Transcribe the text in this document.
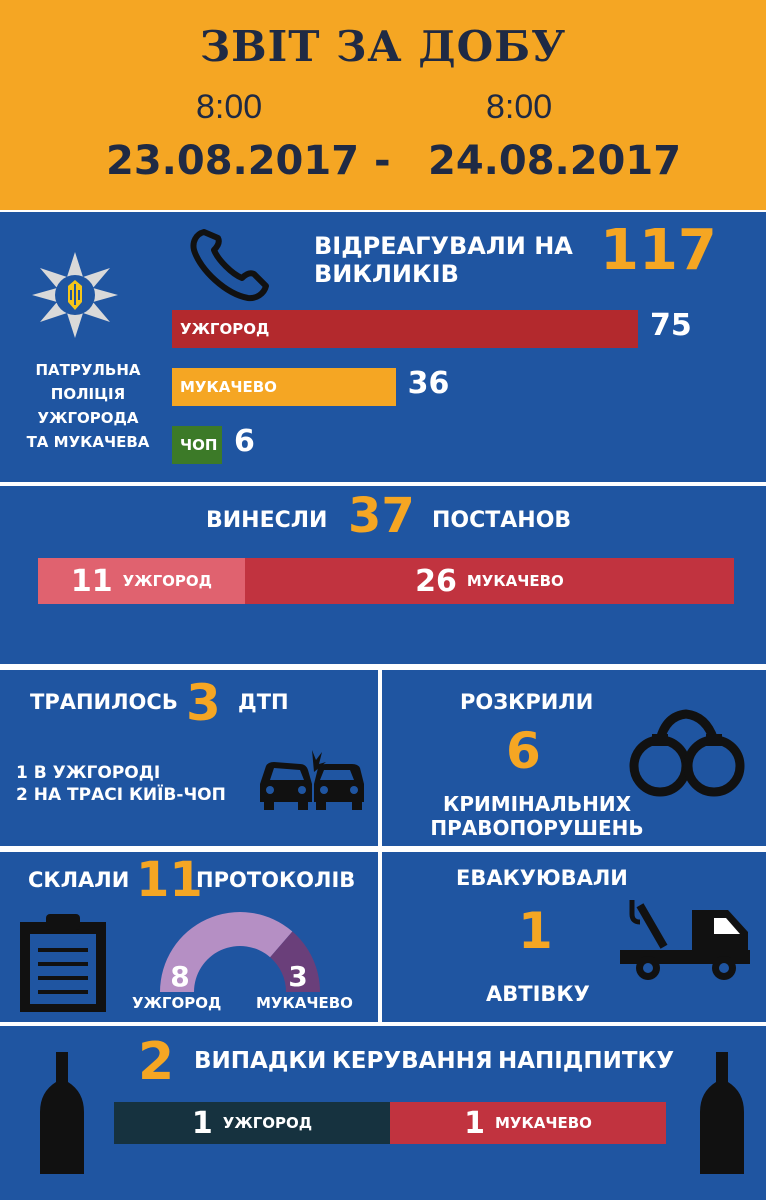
ЗВІТ ЗА ДОБУ
8:00	8:00
23.08.2017 - 24.08.2017
ПАТРУЛЬНА
ПОЛІЦІЯ
УЖГОРОДА
ТА МУКАЧЕВА
ВІДРЕАГУВАЛИ НА
ВИКЛИКІВ	117
УЖГОРОД	75
МУКАЧЕВО	36
ЧОП 6
ВИНЕСЛИ 37 ПОСТАНОВ
11 УЖГОРОД	26 МУКАЧЕВО
ТРАПИЛОСЬ 3 ДТП
1 В УЖГОРОДІ
2 НА ТРАСІ КИЇВ-ЧОП
РОЗКРИЛИ
6
КРИМІНАЛЬНИХ
ПРАВОПОРУШЕНЬ
СКЛАЛИ 11
ПРОТОКОЛІВ
8
УЖГОРОД
3
МУКАЧЕВО
ЕВАКУЮВАЛИ
1
АВТІВКУ
2 ВИПАДКИ КЕРУВАННЯ НАПІДПИТКУ
1 УЖГОРОД	1 МУКАЧЕВО
